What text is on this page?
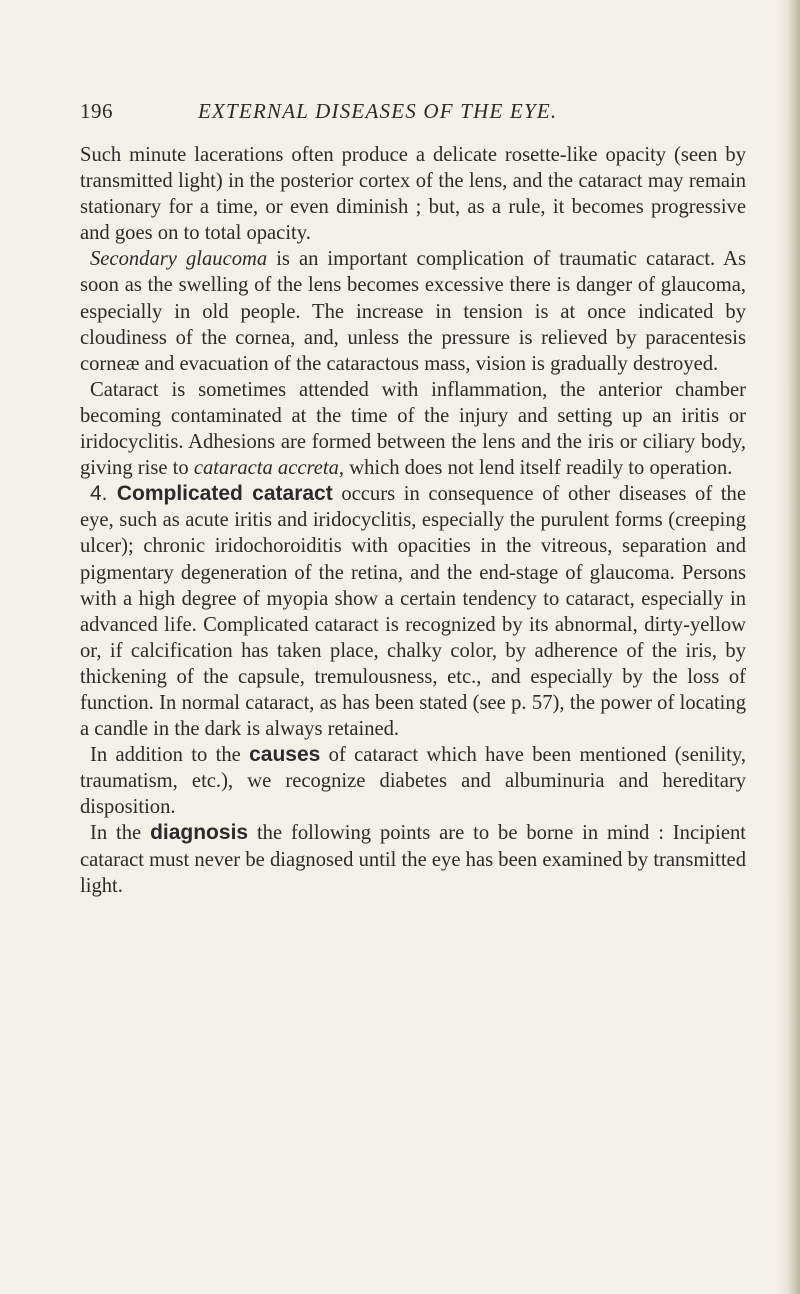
196	EXTERNAL DISEASES OF THE EYE.

Such minute lacerations often produce a delicate rosette-like opacity (seen by transmitted light) in the posterior cortex of the lens, and the cataract may remain stationary for a time, or even diminish ; but, as a rule, it becomes progressive and goes on to total opacity.

Secondary glaucoma is an important complication of traumatic cataract. As soon as the swelling of the lens becomes excessive there is danger of glaucoma, especially in old people. The increase in tension is at once indicated by cloudiness of the cornea, and, unless the pressure is relieved by paracentesis corneæ and evacuation of the cataractous mass, vision is gradually destroyed.

Cataract is sometimes attended with inflammation, the anterior chamber becoming contaminated at the time of the injury and setting up an iritis or iridocyclitis. Adhesions are formed between the lens and the iris or ciliary body, giving rise to cataracta accreta, which does not lend itself readily to operation.

4. Complicated cataract occurs in consequence of other diseases of the eye, such as acute iritis and iridocyclitis, especially the purulent forms (creeping ulcer); chronic iridochoroiditis with opacities in the vitreous, separation and pigmentary degeneration of the retina, and the end-stage of glaucoma. Persons with a high degree of myopia show a certain tendency to cataract, especially in advanced life. Complicated cataract is recognized by its abnormal, dirty-yellow or, if calcification has taken place, chalky color, by adherence of the iris, by thickening of the capsule, tremulousness, etc., and especially by the loss of function. In normal cataract, as has been stated (see p. 57), the power of locating a candle in the dark is always retained.

In addition to the causes of cataract which have been mentioned (senility, traumatism, etc.), we recognize diabetes and albuminuria and hereditary disposition.

In the diagnosis the following points are to be borne in mind : Incipient cataract must never be diagnosed until the eye has been examined by transmitted light.
